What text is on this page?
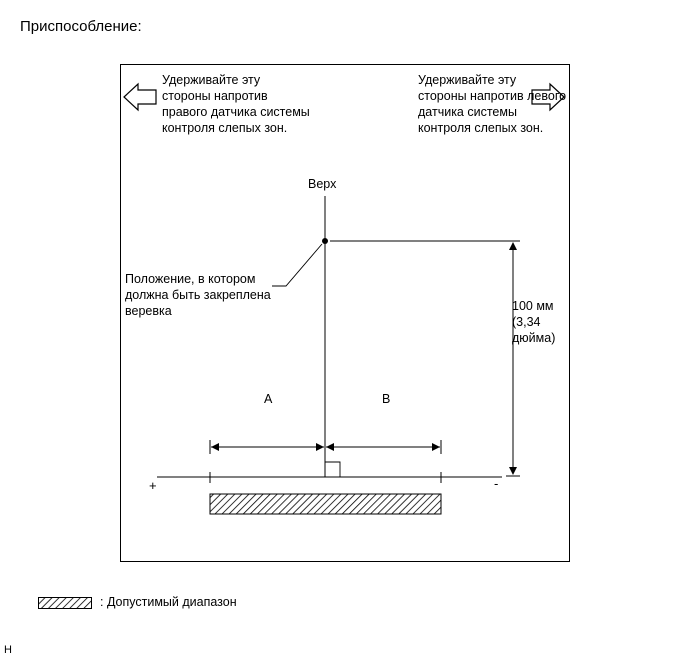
Приспособление:
Удерживайте эту стороны напротив правого датчика системы контроля слепых зон.
Удерживайте эту стороны напротив левого датчика системы контроля слепых зон.
Верх
Положение, в котором должна быть закреплена веревка	100 мм (3,34 дюйма)
A	B
+	-
: Допустимый диапазон
H
